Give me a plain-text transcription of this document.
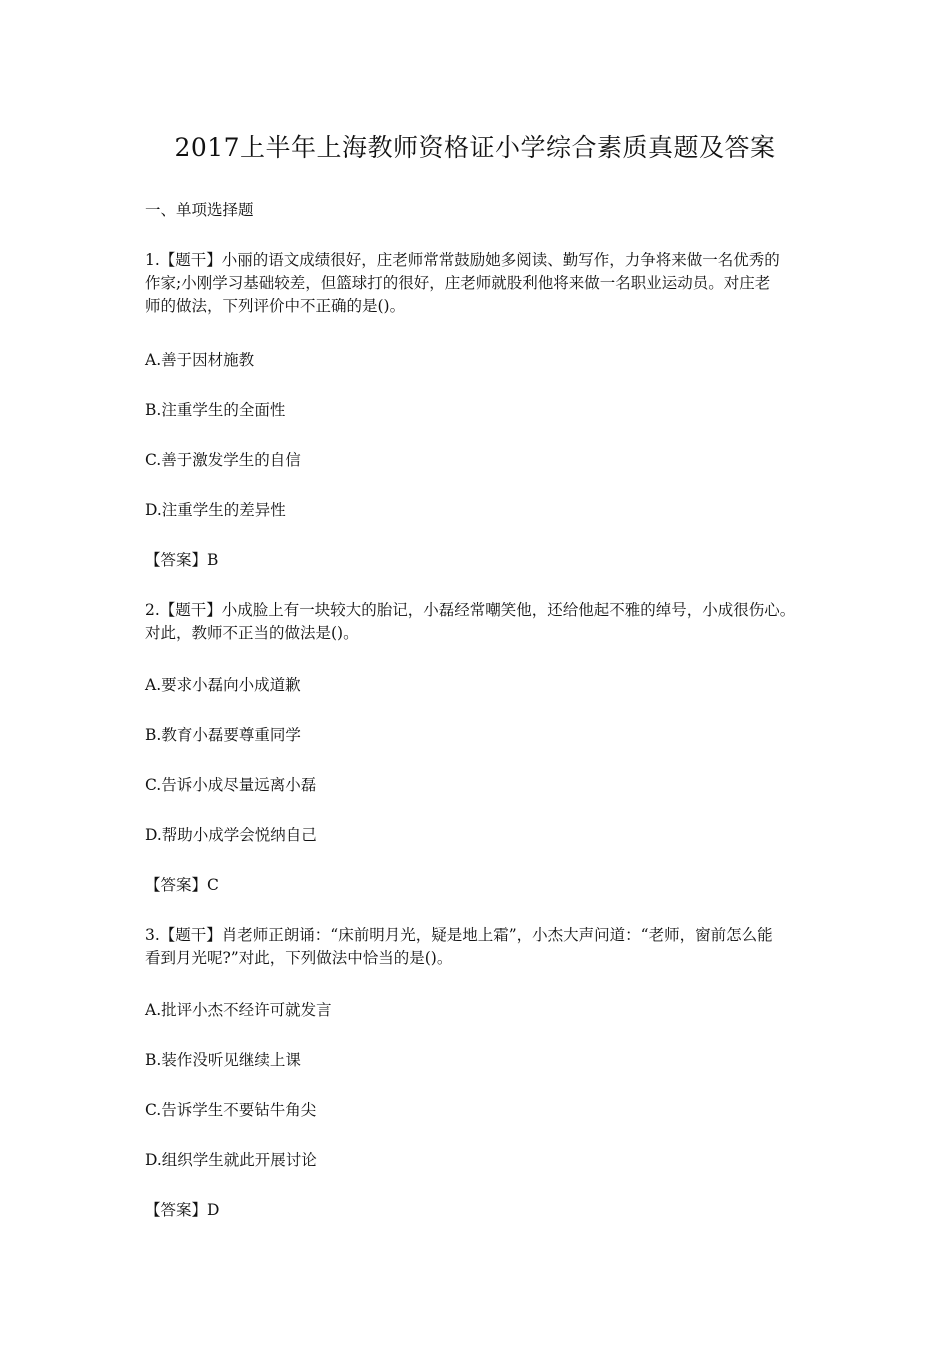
2017上半年上海教师资格证小学综合素质真题及答案

一、单项选择题

1.【题干】小丽的语文成绩很好，庄老师常常鼓励她多阅读、勤写作，力争将来做一名优秀的
作家;小刚学习基础较差，但篮球打的很好，庄老师就股利他将来做一名职业运动员。对庄老
师的做法，下列评价中不正确的是()。

A.善于因材施教

B.注重学生的全面性

C.善于激发学生的自信

D.注重学生的差异性

【答案】B

2.【题干】小成脸上有一块较大的胎记，小磊经常嘲笑他，还给他起不雅的绰号，小成很伤心。
对此，教师不正当的做法是()。

A.要求小磊向小成道歉

B.教育小磊要尊重同学

C.告诉小成尽量远离小磊

D.帮助小成学会悦纳自己

【答案】C

3.【题干】肖老师正朗诵：“床前明月光，疑是地上霜”，小杰大声问道：“老师，窗前怎么能
看到月光呢?”对此，下列做法中恰当的是()。

A.批评小杰不经许可就发言

B.装作没听见继续上课

C.告诉学生不要钻牛角尖

D.组织学生就此开展讨论

【答案】D
